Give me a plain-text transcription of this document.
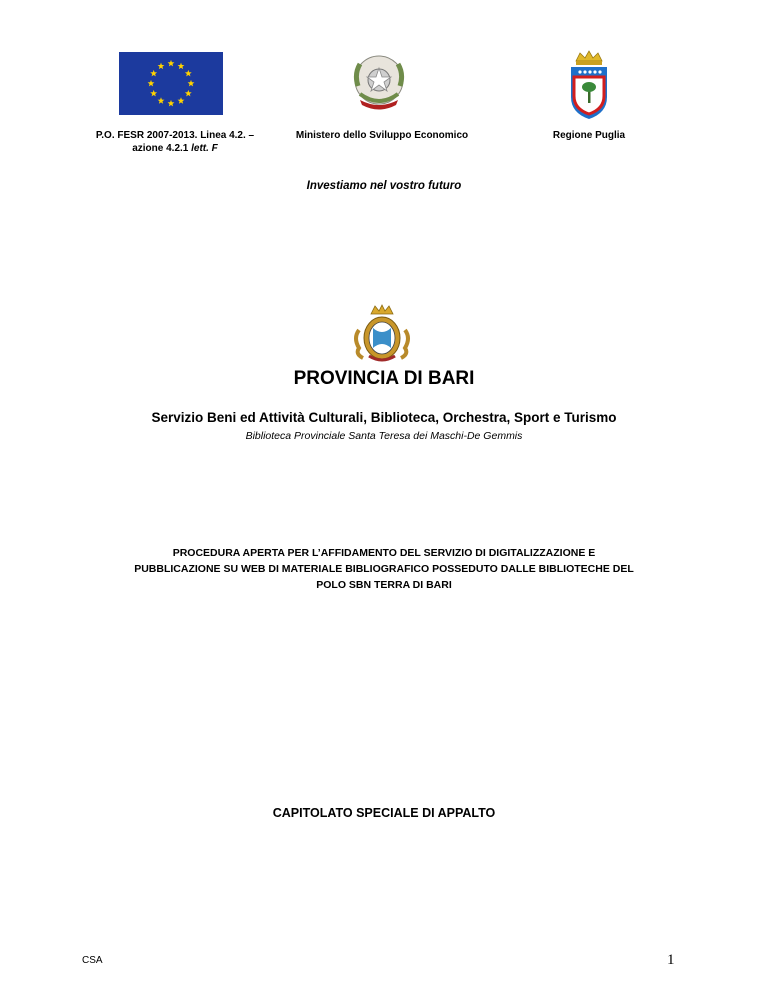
P.O. FESR 2007-2013. Linea 4.2. –
azione 4.2.1 lett. F
Ministero dello Sviluppo Economico	Regione Puglia
Investiamo nel vostro futuro
PROVINCIA DI BARI
Servizio Beni ed Attività Culturali, Biblioteca, Orchestra, Sport e Turismo
Biblioteca Provinciale Santa Teresa dei Maschi-De Gemmis
PROCEDURA APERTA PER L’AFFIDAMENTO DEL SERVIZIO DI DIGITALIZZAZIONE E
PUBBLICAZIONE SU WEB DI MATERIALE BIBLIOGRAFICO POSSEDUTO DALLE BIBLIOTECHE DEL
POLO SBN TERRA DI BARI
CAPITOLATO SPECIALE DI APPALTO
CSA	1
